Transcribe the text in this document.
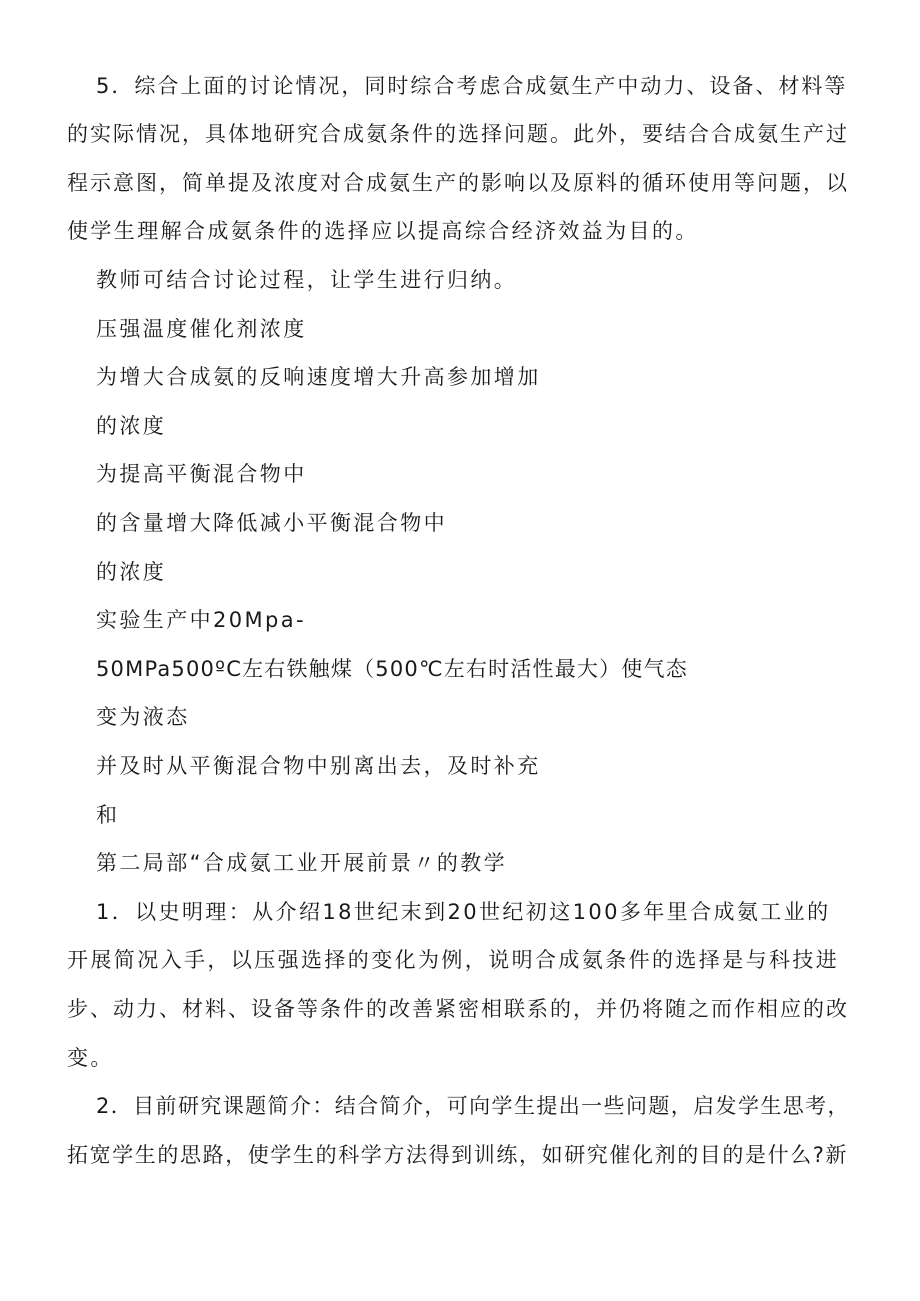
5．综合上面的讨论情况，同时综合考虑合成氨生产中动力、设备、材料等
的实际情况，具体地研究合成氨条件的选择问题。此外，要结合合成氨生产过
程示意图，简单提及浓度对合成氨生产的影响以及原料的循环使用等问题，以
使学生理解合成氨条件的选择应以提高综合经济效益为目的。
教师可结合讨论过程，让学生进行归纳。
压强温度催化剂浓度
为增大合成氨的反响速度增大升高参加增加
的浓度
为提高平衡混合物中
的含量增大降低减小平衡混合物中
的浓度
实验生产中20Mpa-
50MPa500ºC左右铁触煤（500℃左右时活性最大）使气态
变为液态
并及时从平衡混合物中别离出去，及时补充
和
第二局部“合成氨工业开展前景〃的教学
1．以史明理：从介绍18世纪末到20世纪初这100多年里合成氨工业的
开展简况入手，以压强选择的变化为例，说明合成氨条件的选择是与科技进
步、动力、材料、设备等条件的改善紧密相联系的，并仍将随之而作相应的改
变。
2．目前研究课题简介：结合简介，可向学生提出一些问题，启发学生思考，
拓宽学生的思路，使学生的科学方法得到训练，如研究催化剂的目的是什么?新
